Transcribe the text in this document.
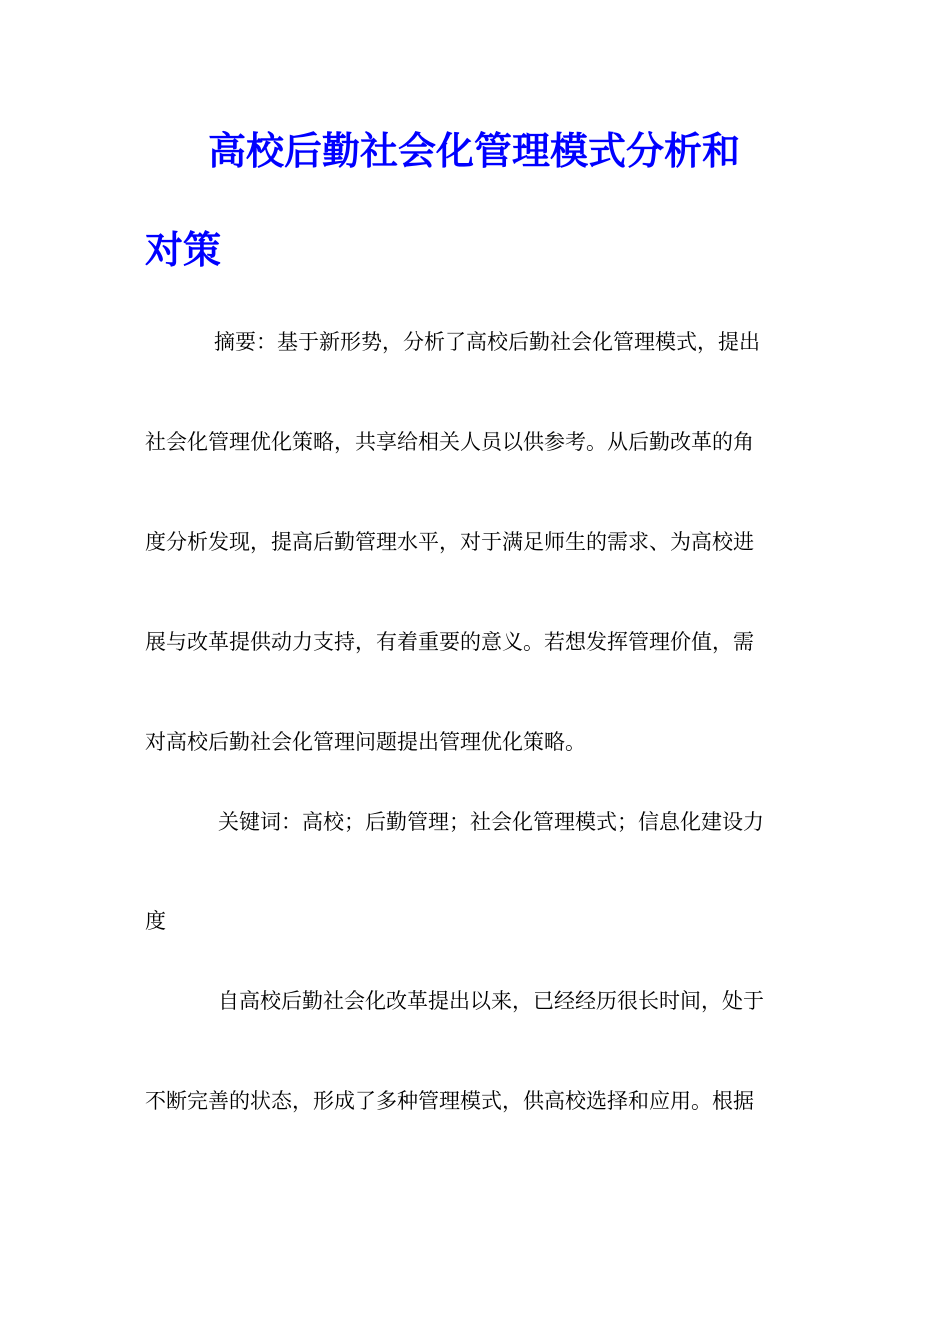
高校后勤社会化管理模式分析和
对策

摘要：基于新形势，分析了高校后勤社会化管理模式，提出

社会化管理优化策略，共享给相关人员以供参考。从后勤改革的角

度分析发现，提高后勤管理水平，对于满足师生的需求、为高校进

展与改革提供动力支持，有着重要的意义。若想发挥管理价值，需

对高校后勤社会化管理问题提出管理优化策略。

关键词：高校；后勤管理；社会化管理模式；信息化建设力

度

自高校后勤社会化改革提出以来，已经经历很长时间，处于

不断完善的状态，形成了多种管理模式，供高校选择和应用。根据
